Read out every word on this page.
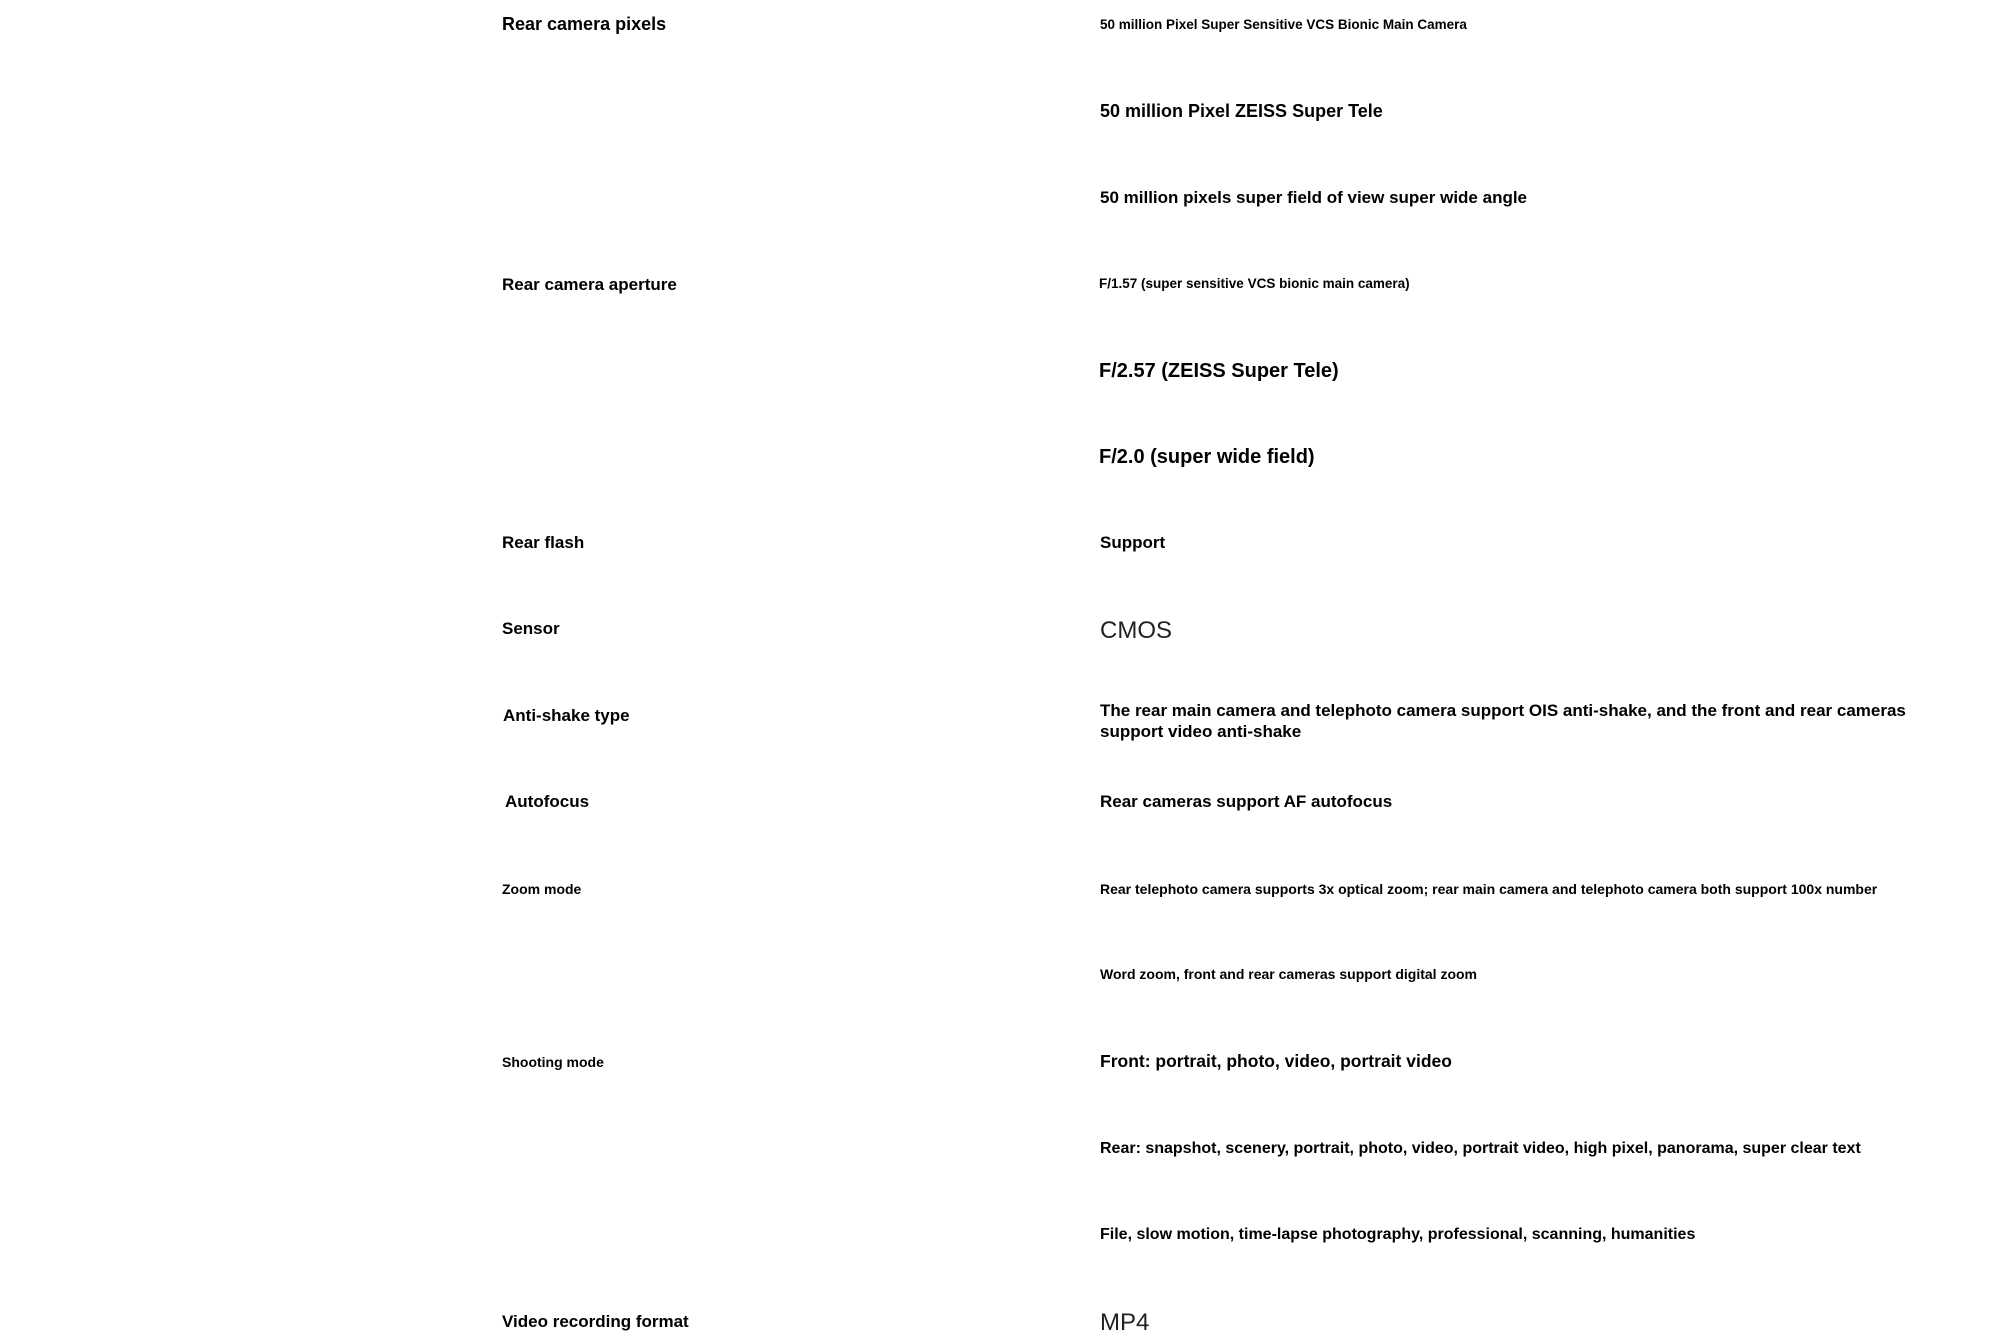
Rear camera pixels
Rear camera aperture
Rear flash
Sensor
Anti-shake type
Autofocus
Zoom mode
Shooting mode
Video recording format
50 million Pixel Super Sensitive VCS Bionic Main Camera
50 million Pixel ZEISS Super Tele
50 million pixels super field of view super wide angle
F/1.57 (super sensitive VCS bionic main camera)
F/2.57 (ZEISS Super Tele)
F/2.0 (super wide field)
Support
CMOS
The rear main camera and telephoto camera support OIS anti-shake, and the front and rear cameras support video anti-shake
Rear cameras support AF autofocus
Rear telephoto camera supports 3x optical zoom; rear main camera and telephoto camera both support 100x number
Word zoom, front and rear cameras support digital zoom
Front: portrait, photo, video, portrait video
Rear: snapshot, scenery, portrait, photo, video, portrait video, high pixel, panorama, super clear text
File, slow motion, time-lapse photography, professional, scanning, humanities
MP4
